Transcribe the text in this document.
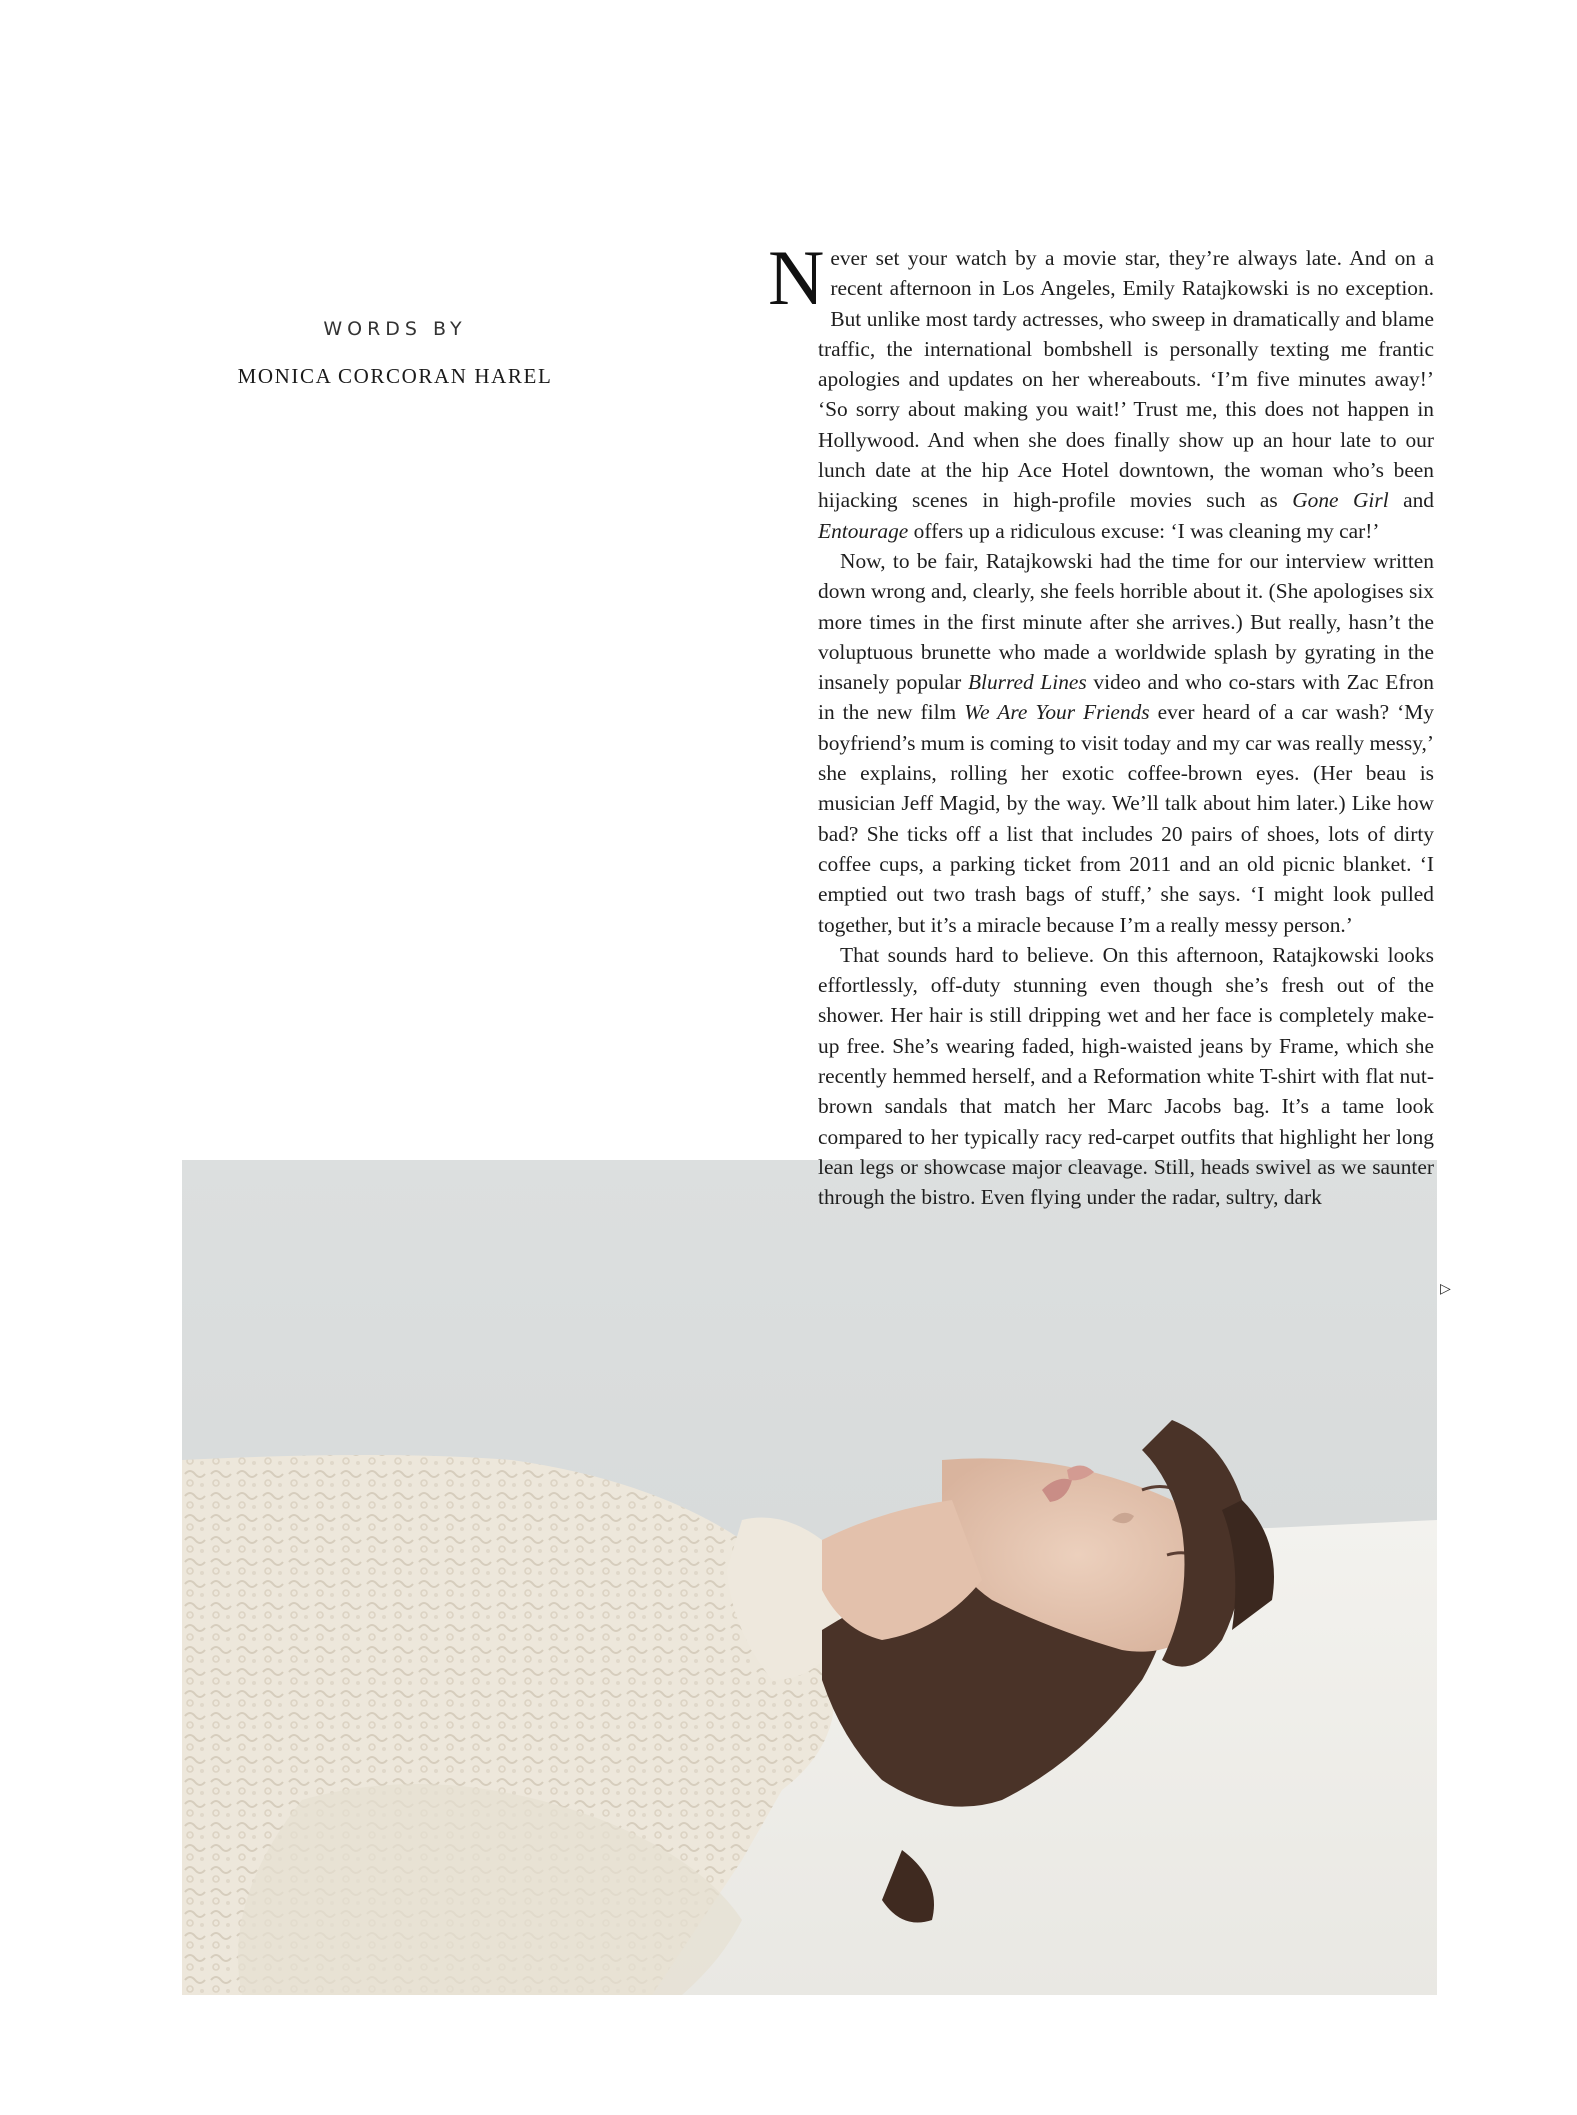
WORDS BY

MONICA CORCORAN HAREL

N ever set your watch by a movie star, they’re always late. And on a recent afternoon in Los Angeles, Emily Ratajkowski is no exception. But unlike most tardy actresses, who sweep in dramatically and blame traffic, the international bombshell is personally texting me frantic apologies and updates on her whereabouts. ‘I’m five minutes away!’ ‘So sorry about making you wait!’ Trust me, this does not happen in Hollywood. And when she does finally show up an hour late to our lunch date at the hip Ace Hotel downtown, the woman who’s been hijacking scenes in high-profile movies such as Gone Girl and Entourage offers up a ridiculous excuse: ‘I was cleaning my car!’

Now, to be fair, Ratajkowski had the time for our interview written down wrong and, clearly, she feels horrible about it. (She apologises six more times in the first minute after she arrives.) But really, hasn’t the voluptuous brunette who made a worldwide splash by gyrating in the insanely popular Blurred Lines video and who co-stars with Zac Efron in the new film We Are Your Friends ever heard of a car wash? ‘My boyfriend’s mum is coming to visit today and my car was really messy,’ she explains, rolling her exotic coffee-brown eyes. (Her beau is musician Jeff Magid, by the way. We’ll talk about him later.) Like how bad? She ticks off a list that includes 20 pairs of shoes, lots of dirty coffee cups, a parking ticket from 2011 and an old picnic blanket. ‘I emptied out two trash bags of stuff,’ she says. ‘I might look pulled together, but it’s a miracle because I’m a really messy person.’

That sounds hard to believe. On this afternoon, Ratajkowski looks effortlessly, off-duty stunning even though she’s fresh out of the shower. Her hair is still dripping wet and her face is completely make-up free. She’s wearing faded, high-waisted jeans by Frame, which she recently hemmed herself, and a Reformation white T-shirt with flat nut-brown sandals that match her Marc Jacobs bag. It’s a tame look compared to her typically racy red-carpet outfits that highlight her long lean legs or showcase major cleavage. Still, heads swivel as we saunter through the bistro. Even flying under the radar, sultry, dark

▷
